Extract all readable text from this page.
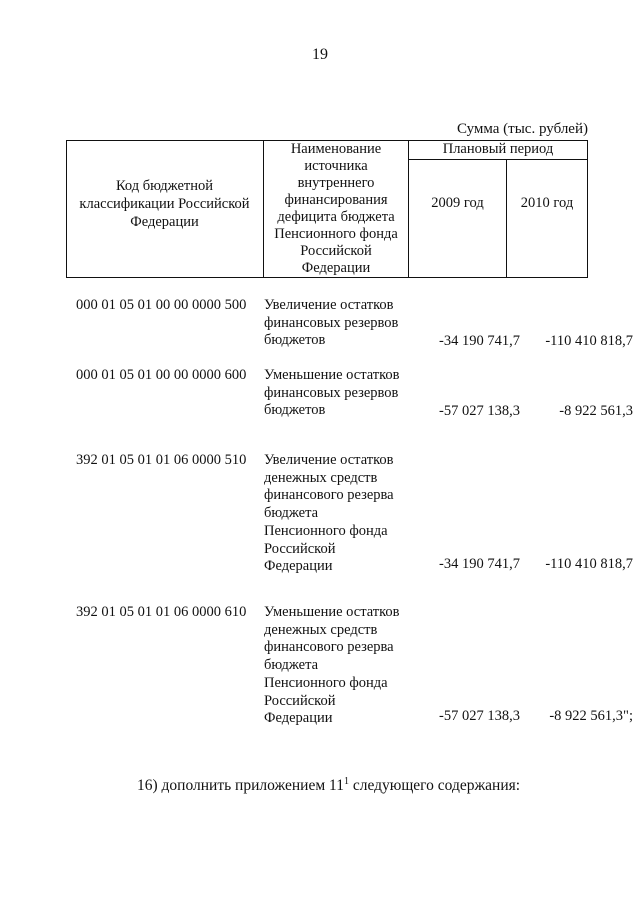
19
Сумма (тыс. рублей)
Код бюджетной
классификации Российской
Федерации
Наименование
источника
внутреннего
финансирования
дефицита бюджета
Пенсионного фонда
Российской
Федерации
Плановый период
2009 год	2010 год
000 01 05 01 00 00 0000 500	Увеличение остатков
финансовых резервов
бюджетов	-34 190 741,7	-110 410 818,7
000 01 05 01 00 00 0000 600	Уменьшение остатков
финансовых резервов
бюджетов	-57 027 138,3	-8 922 561,3
392 01 05 01 01 06 0000 510	Увеличение остатков
денежных средств
финансового резерва
бюджета
Пенсионного фонда
Российской
Федерации	-34 190 741,7	-110 410 818,7
392 01 05 01 01 06 0000 610	Уменьшение остатков
денежных средств
финансового резерва
бюджета
Пенсионного фонда
Российской
Федерации	-57 027 138,3	-8 922 561,3";
16) дополнить приложением $11^1$ следующего содержания:
